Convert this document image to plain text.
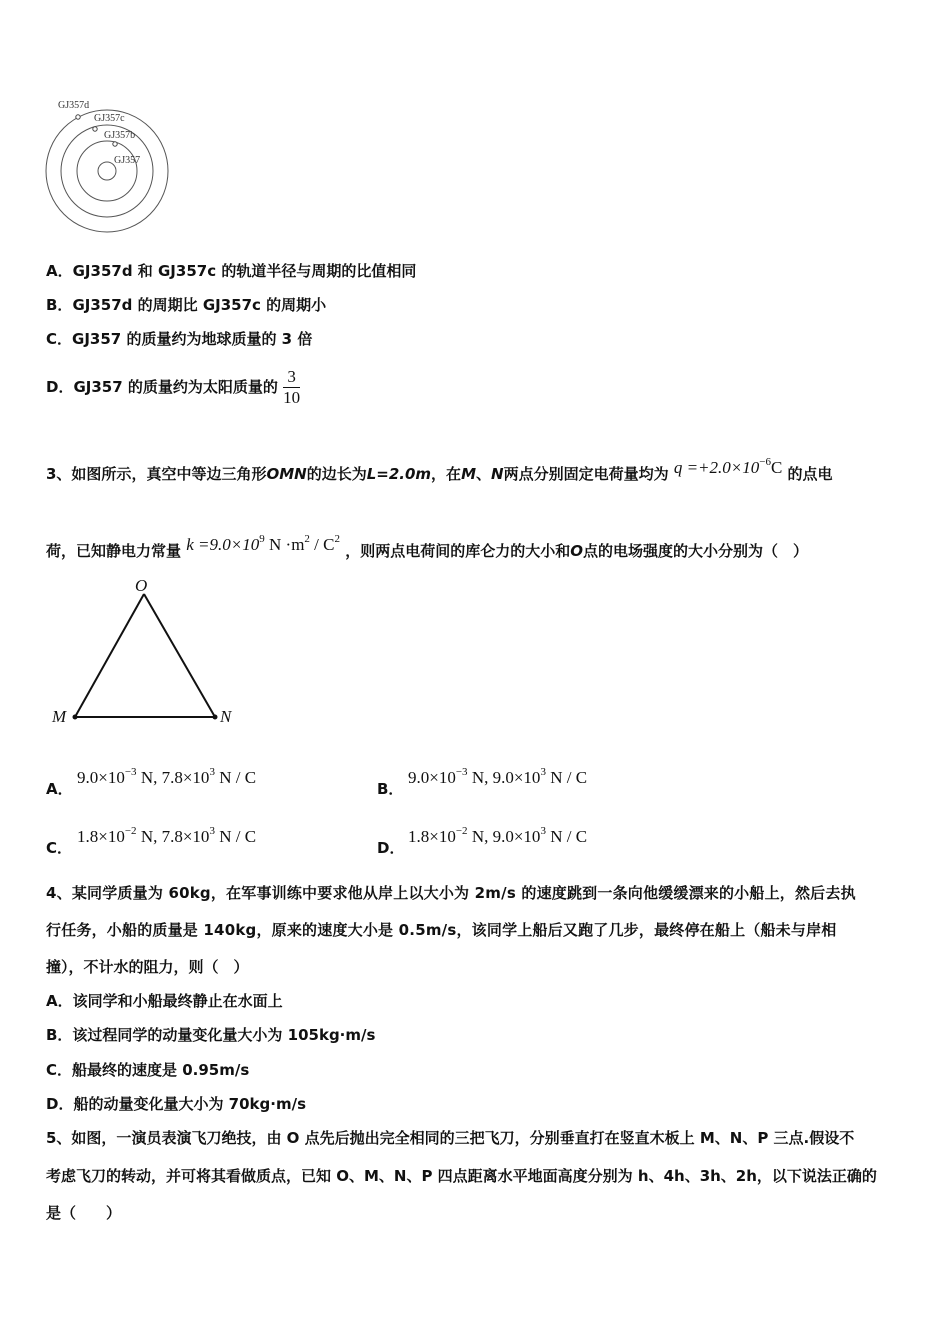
GJ357d
GJ357c
GJ357b
GJ357
A．GJ357d 和 GJ357c 的轨道半径与周期的比值相同
B．GJ357d 的周期比 GJ357c 的周期小
C．GJ357 的质量约为地球质量的 3 倍
D．GJ357 的质量约为太阳质量的 $\frac{3}{10}$
3、如图所示，真空中等边三角形OMN的边长为L=2.0m，在M、N两点分别固定电荷量均为 $q =+2.0\times 10^{-6}C$ 的点电
荷，已知静电力常量 $k =9.0\times 10^9$ $N \cdot m^2 / C^2$ ，则两点电荷间的库仑力的大小和O点的电场强度的大小分别为（　）
O
M	N
A．
$9.0\times 10^{-3}$ N, $7.8\times 10^3$ N / C
B．
$9.0\times 10^{-3}$ N, $9.0\times 10^3$ N / C
C．
$1.8\times 10^{-2}$ N, $7.8\times 10^3$ N / C
D．
$1.8\times 10^{-2}$ N, $9.0\times 10^3$ N / C
4、某同学质量为 60kg，在军事训练中要求他从岸上以大小为 2m/s 的速度跳到一条向他缓缓漂来的小船上，然后去执
行任务，小船的质量是 140kg，原来的速度大小是 0.5m/s，该同学上船后又跑了几步，最终停在船上（船未与岸相
撞），不计水的阻力，则（　）
A．该同学和小船最终静止在水面上
B．该过程同学的动量变化量大小为 105kg·m/s
C．船最终的速度是 0.95m/s
D．船的动量变化量大小为 70kg·m/s
5、如图，一演员表演飞刀绝技，由 O 点先后抛出完全相同的三把飞刀，分别垂直打在竖直木板上 M、N、P 三点.假设不
考虑飞刀的转动，并可将其看做质点，已知 O、M、N、P 四点距离水平地面高度分别为 h、4h、3h、2h，以下说法正确的
是（　　）
